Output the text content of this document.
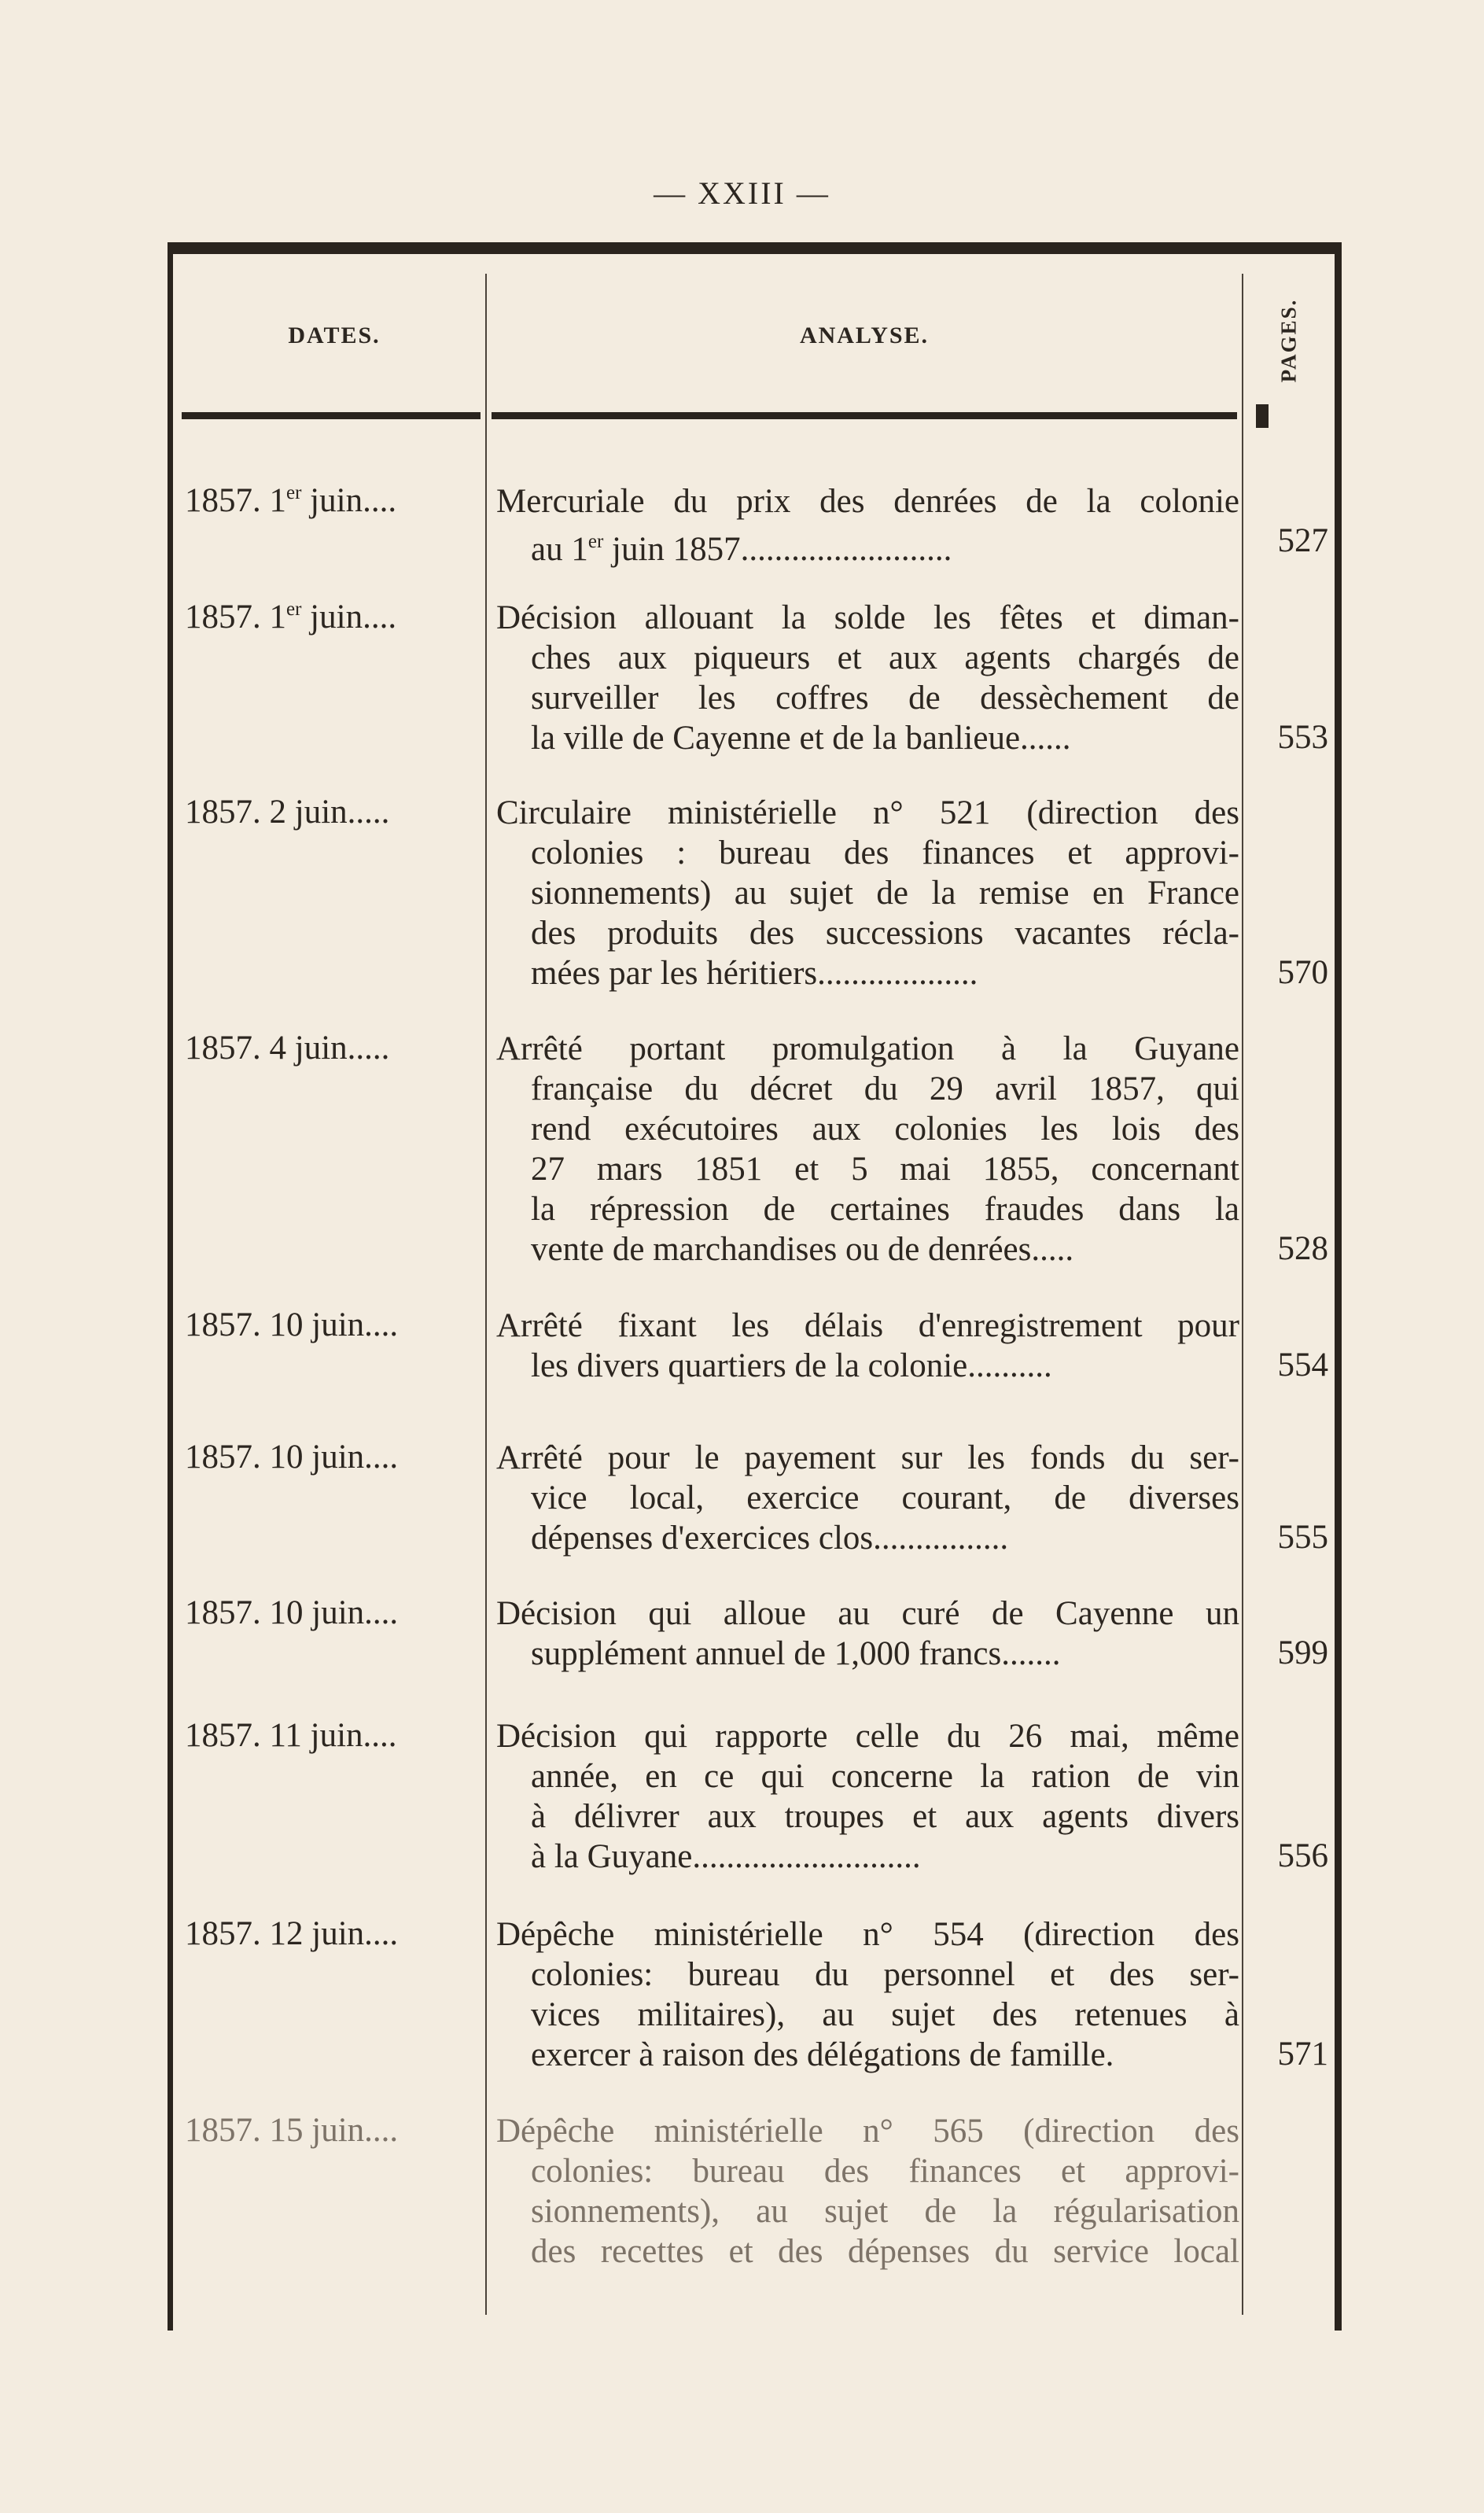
— XXIII —
DATES.	ANALYSE.	PAGES.
1857. 1er juin....	Mercuriale du prix des denrées de la colonie
au 1er juin 1857.........................	527
1857. 1er juin....	Décision allouant la solde les fêtes et diman-
ches aux piqueurs et aux agents chargés de
surveiller les coffres de dessèchement de
la ville de Cayenne et de la banlieue......	553
1857. 2 juin.....	Circulaire ministérielle n° 521 (direction des
colonies : bureau des finances et approvi-
sionnements) au sujet de la remise en France
des produits des successions vacantes récla-
mées par les héritiers...................	570
1857. 4 juin.....	Arrêté portant promulgation à la Guyane
française du décret du 29 avril 1857, qui
rend exécutoires aux colonies les lois des
27 mars 1851 et 5 mai 1855, concernant
la répression de certaines fraudes dans la
vente de marchandises ou de denrées.....	528
1857. 10 juin....	Arrêté fixant les délais d'enregistrement pour
les divers quartiers de la colonie..........	554
1857. 10 juin....	Arrêté pour le payement sur les fonds du ser-
vice local, exercice courant, de diverses
dépenses d'exercices clos................	555
1857. 10 juin....	Décision qui alloue au curé de Cayenne un
supplément annuel de 1,000 francs.......	599
1857. 11 juin....	Décision qui rapporte celle du 26 mai, même
année, en ce qui concerne la ration de vin
à délivrer aux troupes et aux agents divers
à la Guyane...........................	556
1857. 12 juin....	Dépêche ministérielle n° 554 (direction des
colonies: bureau du personnel et des ser-
vices militaires), au sujet des retenues à
exercer à raison des délégations de famille.	571
1857. 15 juin....	Dépêche ministérielle n° 565 (direction des
colonies: bureau des finances et approvi-
sionnements), au sujet de la régularisation
des recettes et des dépenses du service local
